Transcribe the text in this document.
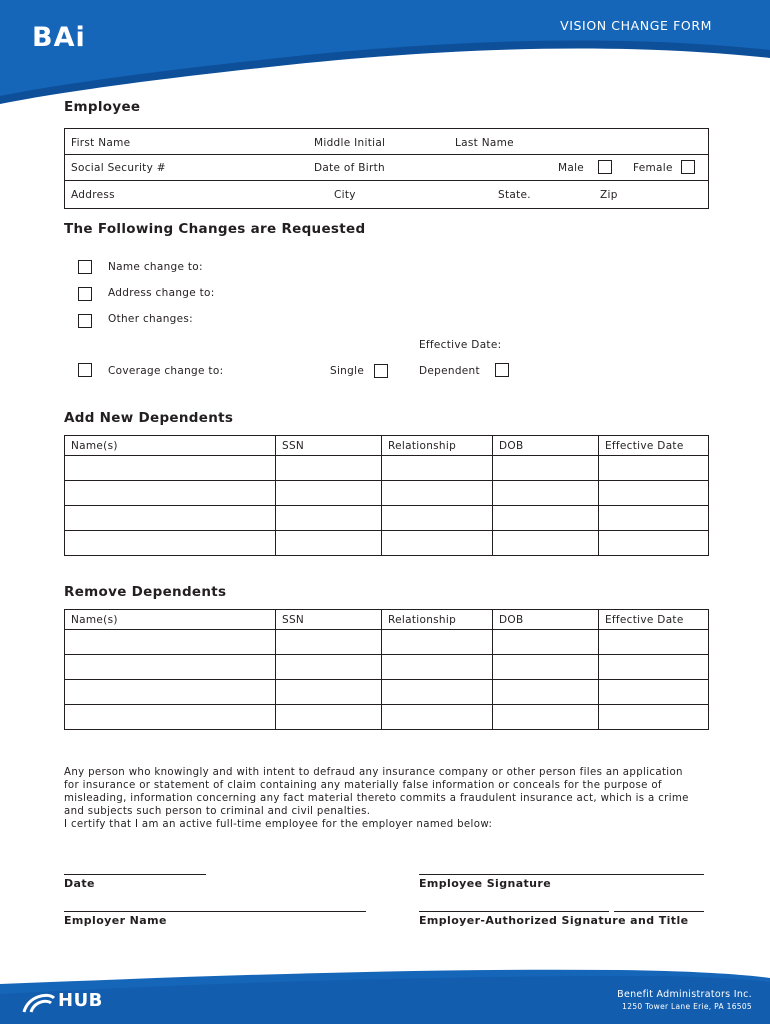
BAi	VISION CHANGE FORM
Employee
First Name	Middle Initial	Last Name
Social Security #	Date of Birth	Male	Female
Address	City	State.	Zip
The Following Changes are Requested
Name change to:
Address change to:
Other changes:
Effective Date:
Coverage change to:	Single	Dependent
Add New Dependents
Name(s)	SSN	Relationship	DOB	Effective Date

Remove Dependents
Name(s)	SSN	Relationship	DOB	Effective Date

Any person who knowingly and with intent to defraud any insurance company or other person files an application

for insurance or statement of claim containing any materially false information or conceals for the purpose of

misleading, information concerning any fact material thereto commits a fraudulent insurance act, which is a crime

and subjects such person to criminal and civil penalties.

I certify that I am an active full-time employee for the employer named below:

Date	Employee Signature
Employer Name	Employer-Authorized Signature and Title
HUB	Benefit Administrators Inc.
1250 Tower Lane Erie, PA 16505
